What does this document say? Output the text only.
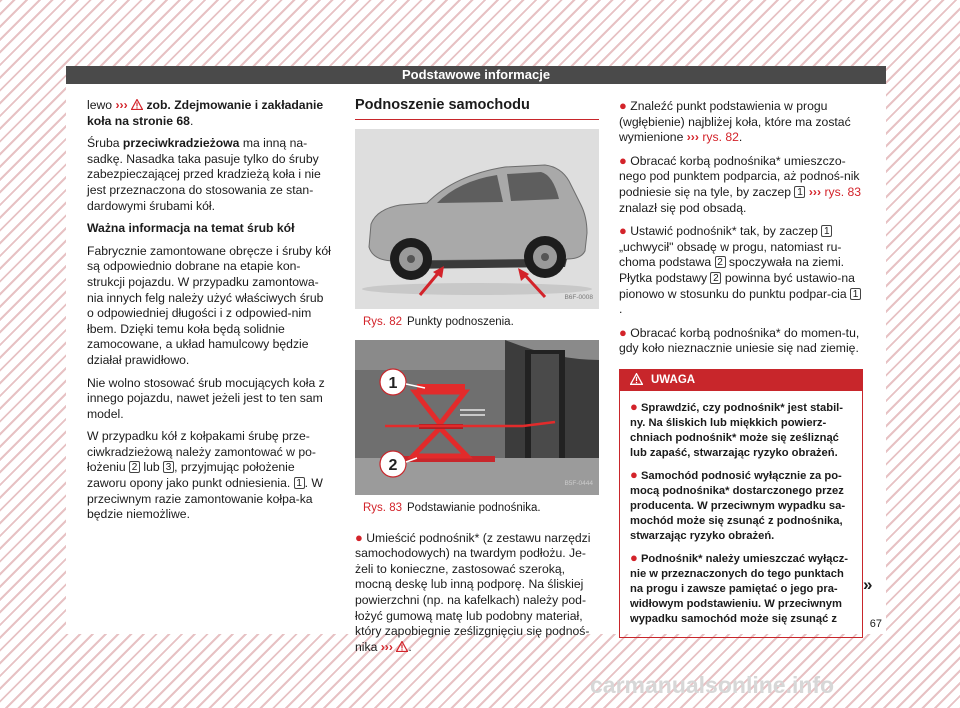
Podstawowe informacje

lewo ››› zob. Zdejmowanie i zakładanie koła na stronie 68.

Śruba przeciwkradzieżowa ma inną na-sadkę. Nasadka taka pasuje tylko do śruby zabezpieczającej przed kradzieżą koła i nie jest przeznaczona do stosowania ze stan-dardowymi śrubami kół.

Ważna informacja na temat śrub kół

Fabrycznie zamontowane obręcze i śruby kół są odpowiednio dobrane na etapie kon-strukcji pojazdu. W przypadku zamontowa-nia innych felg należy użyć właściwych śrub o odpowiedniej długości i z odpowied-nim łbem. Dzięki temu koła będą solidnie zamocowane, a układ hamulcowy będzie działał prawidłowo.

Nie wolno stosować śrub mocujących koła z innego pojazdu, nawet jeżeli jest to ten sam model.

W przypadku kół z kołpakami śrubę prze-ciwkradzieżową należy zamontować w po-łożeniu 2 lub 3 , przyjmując położenie zaworu opony jako punkt odniesienia. 1 . W przeciwnym razie zamontowanie kołpa-ka będzie niemożliwe.

Podnoszenie samochodu
B6F-0008
Rys. 82 Punkty podnoszenia.
1
2
B5F-0444
Rys. 83 Podstawianie podnośnika.

● Umieścić podnośnik* (z zestawu narzędzi samochodowych) na twardym podłożu. Je-żeli to konieczne, zastosować szeroką, mocną deskę lub inną podporę. Na śliskiej powierzchni (np. na kafelkach) należy pod-łożyć gumową matę lub podobny materiał, który zapobiegnie ześlizgnięciu się podnoś-nika ››› .

● Znaleźć punkt podstawienia w progu (wgłębienie) najbliżej koła, które ma zostać wymienione ››› rys. 82.

● Obracać korbą podnośnika* umieszczo-nego pod punktem podparcia, aż podnoś-nik podniesie się na tyle, by zaczep 1 ››› rys. 83 znalazł się pod obsadą.

● Ustawić podnośnik* tak, by zaczep 1 „uchwycił" obsadę w progu, natomiast ru-choma podstawa 2 spoczywała na ziemi. Płytka podstawy 2 powinna być ustawio-na pionowo w stosunku do punktu podpar-cia 1.

● Obracać korbą podnośnika* do momen-tu, gdy koło nieznacznie uniesie się nad ziemię.

UWAGA

● Sprawdzić, czy podnośnik* jest stabil-ny. Na śliskich lub miękkich powierz-chniach podnośnik* może się ześliznąć lub zapaść, stwarzając ryzyko obrażeń.

● Samochód podnosić wyłącznie za po-mocą podnośnika* dostarczonego przez producenta. W przeciwnym wypadku sa-mochód może się zsunąć z podnośnika, stwarzając ryzyko obrażeń.

● Podnośnik* należy umieszczać wyłącz-nie w przeznaczonych do tego punktach na progu i zawsze pamiętać o jego pra-widłowym podstawieniu. W przeciwnym wypadku samochód może się zsunąć z

»
67
carmanualsonline.info
